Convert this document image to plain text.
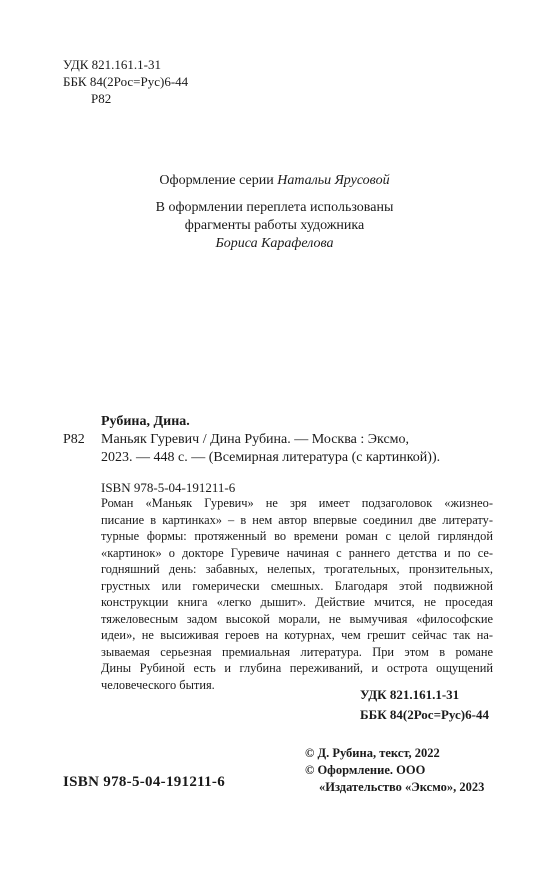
УДК 821.161.1-31
ББК 84(2Рос=Рус)6-44
Р82
Оформление серии Натальи Ярусовой
В оформлении переплета использованы
фрагменты работы художника
Бориса Карафелова
Рубина, Дина.
Р82	Маньяк Гуревич / Дина Рубина. — Москва : Эксмо,
2023. — 448 с. — (Всемирная литература (с картинкой)).
ISBN 978-5-04-191211-6
Роман «Маньяк Гуревич» не зря имеет подзаголовок «жизнео-
писание в картинках» – в нем автор впервые соединил две литерату-
турные формы: протяженный во времени роман с целой гирляндой
«картинок» о докторе Гуревиче начиная с раннего детства и по се-
годняшний день: забавных, нелепых, трогательных, пронзительных,
грустных или гомерически смешных. Благодаря этой подвижной
конструкции книга «легко дышит». Действие мчится, не проседая
тяжеловесным задом высокой морали, не вымучивая «философские
идеи», не высиживая героев на котурнах, чем грешит сейчас так на-
зываемая серьезная премиальная литература. При этом в романе
Дины Рубиной есть и глубина переживаний, и острота ощущений
человеческого бытия.
УДК 821.161.1-31
ББК 84(2Рос=Рус)6-44
© Д. Рубина, текст, 2022
© Оформление. ООО
«Издательство «Эксмо», 2023
ISBN 978-5-04-191211-6
